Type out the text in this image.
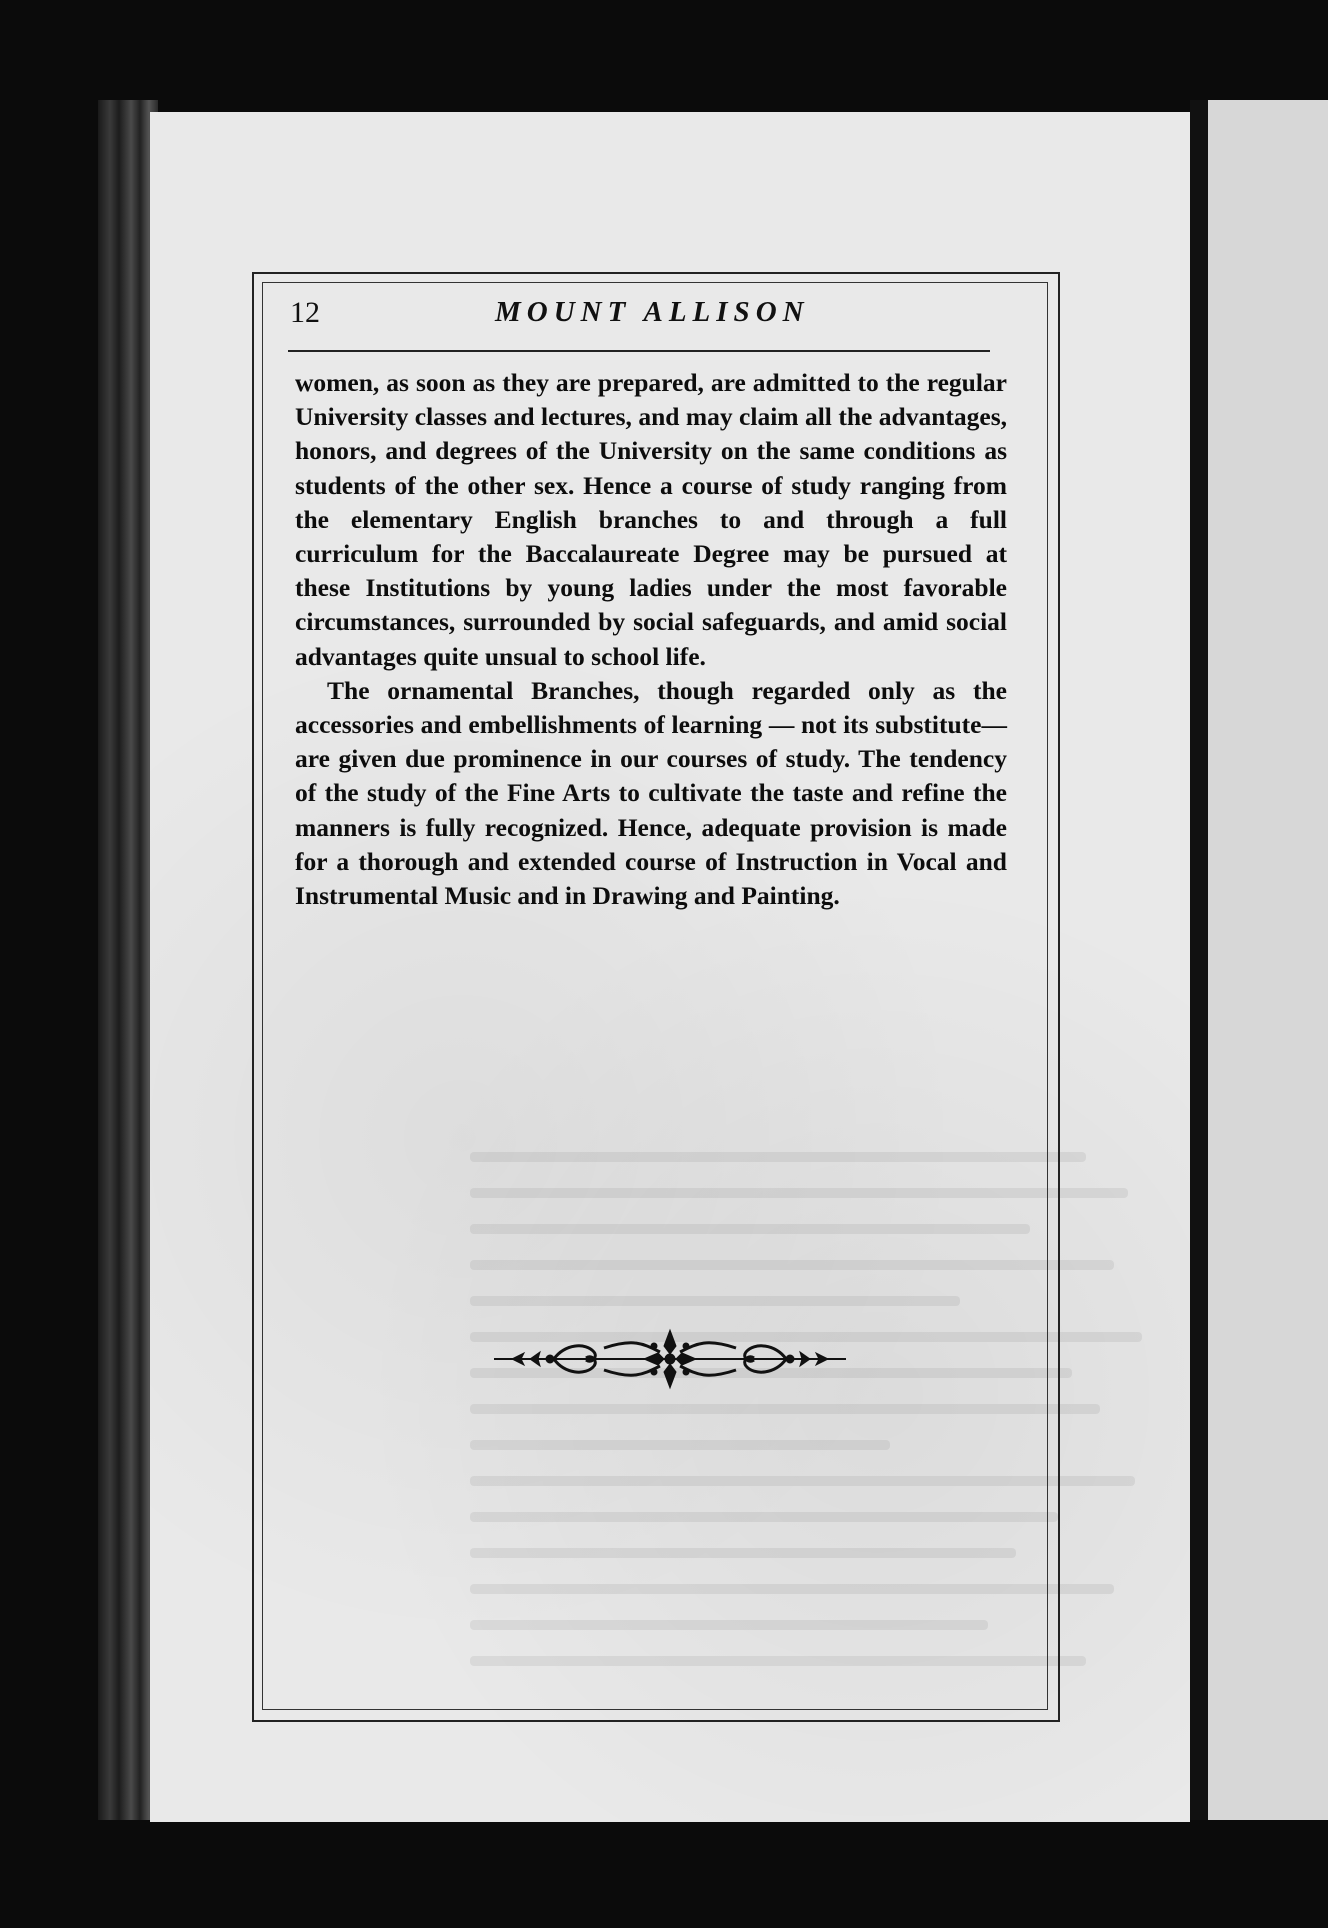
12	MOUNT ALLISON

women, as soon as they are prepared, are admitted to the regular University classes and lectures, and may claim all the advantages, honors, and degrees of the University on the same conditions as students of the other sex. Hence a course of study ranging from the elementary English branches to and through a full curriculum for the Baccalaureate Degree may be pursued at these Institutions by young ladies under the most favorable circumstances, surrounded by social safeguards, and amid social advantages quite unsual to school life.

The ornamental Branches, though regarded only as the accessories and embellishments of learning — not its substitute—are given due prominence in our courses of study. The tendency of the study of the Fine Arts to cultivate the taste and refine the manners is fully recognized. Hence, adequate provision is made for a thorough and extended course of Instruction in Vocal and Instrumental Music and in Drawing and Painting.
